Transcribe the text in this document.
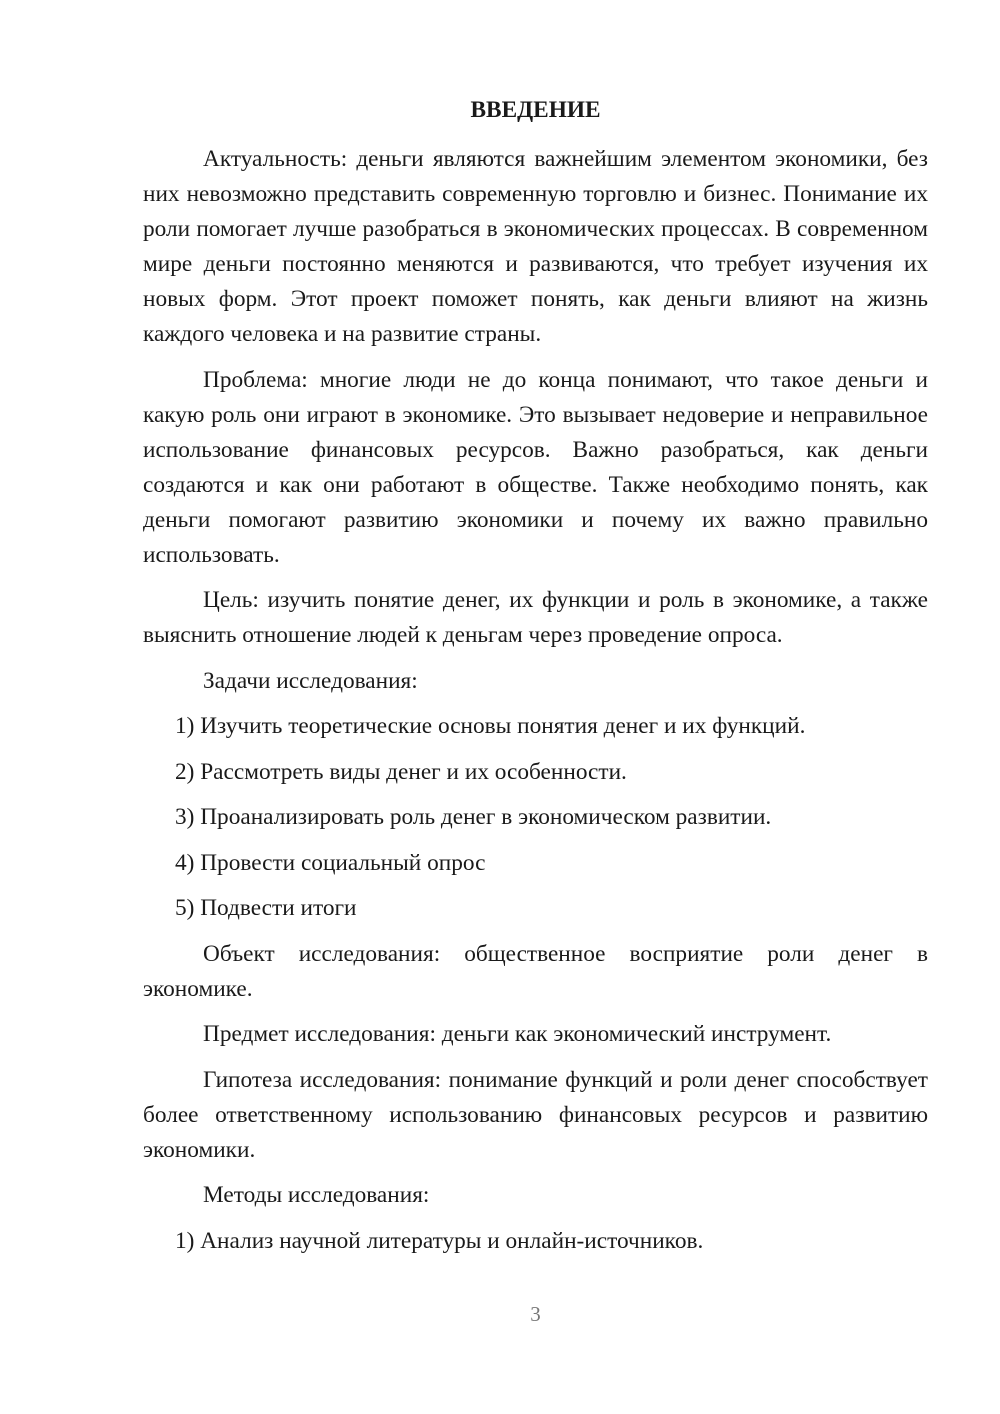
ВВЕДЕНИЕ

Актуальность: деньги являются важнейшим элементом экономики, без них невозможно представить современную торговлю и бизнес. Понимание их роли помогает лучше разобраться в экономических процессах. В современном мире деньги постоянно меняются и развиваются, что требует изучения их новых форм. Этот проект поможет понять, как деньги влияют на жизнь каждого человека и на развитие страны.

Проблема: многие люди не до конца понимают, что такое деньги и какую роль они играют в экономике. Это вызывает недоверие и неправильное использование финансовых ресурсов. Важно разобраться, как деньги создаются и как они работают в обществе. Также необходимо понять, как деньги помогают развитию экономики и почему их важно правильно использовать.

Цель: изучить понятие денег, их функции и роль в экономике, а также выяснить отношение людей к деньгам через проведение опроса.

Задачи исследования:

1) Изучить теоретические основы понятия денег и их функций.

2) Рассмотреть виды денег и их особенности.

3) Проанализировать роль денег в экономическом развитии.

4) Провести социальный опрос

5) Подвести итоги

Объект исследования: общественное восприятие роли денег в экономике.

Предмет исследования: деньги как экономический инструмент.

Гипотеза исследования: понимание функций и роли денег способствует более ответственному использованию финансовых ресурсов и развитию экономики.

Методы исследования:

1) Анализ научной литературы и онлайн-источников.

3
